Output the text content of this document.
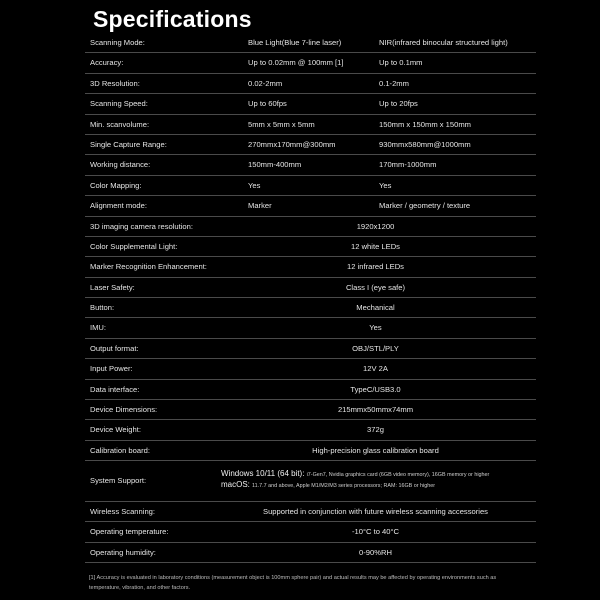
Specifications
Scanning Mode:	Blue Light(Blue 7-line laser)	NIR(infrared binocular structured light)
Accuracy:	Up to 0.02mm @ 100mm [1]	Up to 0.1mm
3D Resolution:	0.02-2mm	0.1-2mm
Scanning Speed:	Up to 60fps	Up to 20fps
Min. scanvolume:	5mm x 5mm x 5mm	150mm x 150mm x 150mm
Single Capture Range:	270mmx170mm@300mm	930mmx580mm@1000mm
Working distance:	150mm-400mm	170mm-1000mm
Color Mapping:	Yes	Yes
Alignment mode:	Marker	Marker / geometry / texture
3D imaging camera resolution:	1920x1200
Color Supplemental Light:	12 white LEDs
Marker Recognition Enhancement:	12 infrared LEDs
Laser Safety:	Class I (eye safe)
Button:	Mechanical
IMU:	Yes
Output format:	OBJ/STL/PLY
Input Power:	12V 2A
Data interface:	TypeC/USB3.0
Device Dimensions:	215mmx50mmx74mm
Device Weight:	372g
Calibration board:	High-precision glass calibration board
System Support:
Windows 10/11 (64 bit): i7-Gen7, Nvidia graphics card (6GB video memory), 16GB memory or higher
macOS: 11.7.7 and above, Apple M1/M2/M3 series processors; RAM: 16GB or higher
Wireless Scanning:	Supported in conjunction with future wireless scanning accessories
Operating temperature:	-10°C to 40°C
Operating humidity:	0-90%RH
[1] Accuracy is evaluated in laboratory conditions (measurement object is 100mm sphere pair) and actual results may be affected by operating environments such as temperature, vibration, and other factors.
